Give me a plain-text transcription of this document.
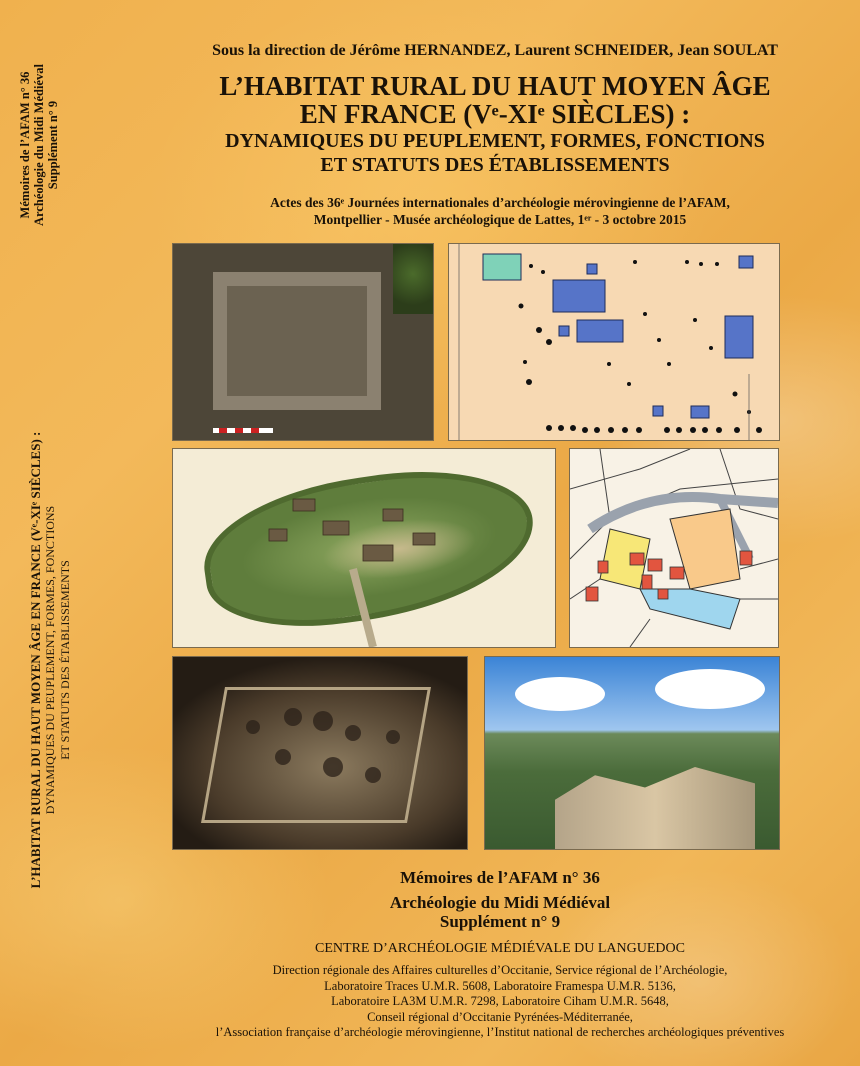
Mémoires de l’AFAM n° 36 Archéologie du Midi Médiéval Supplément n° 9
L’HABITAT RURAL DU HAUT MOYEN ÂGE EN FRANCE (Vᵉ-XIᵉ SIÈCLES) : DYNAMIQUES DU PEUPLEMENT, FORMES, FONCTIONS ET STATUTS DES ÉTABLISSEMENTS
Sous la direction de Jérôme HERNANDEZ, Laurent SCHNEIDER, Jean SOULAT
L’HABITAT RURAL DU HAUT MOYEN ÂGE
EN FRANCE (Vᵉ-XIᵉ SIÈCLES) :
DYNAMIQUES DU PEUPLEMENT, FORMES, FONCTIONS
ET STATUTS DES ÉTABLISSEMENTS
Actes des 36ᵉ Journées internationales d’archéologie mérovingienne de l’AFAM,
Montpellier - Musée archéologique de Lattes, 1ᵉʳ - 3 octobre 2015
Mémoires de l’AFAM n° 36
Archéologie du Midi Médiéval
Supplément n° 9
CENTRE D’ARCHÉOLOGIE MÉDIÉVALE DU LANGUEDOC
Direction régionale des Affaires culturelles d’Occitanie, Service régional de l’Archéologie,
Laboratoire Traces U.M.R. 5608, Laboratoire Framespa U.M.R. 5136,
Laboratoire LA3M U.M.R. 7298, Laboratoire Ciham U.M.R. 5648,
Conseil régional d’Occitanie Pyrénées-Méditerranée,
l’Association française d’archéologie mérovingienne, l’Institut national de recherches archéologiques préventives
